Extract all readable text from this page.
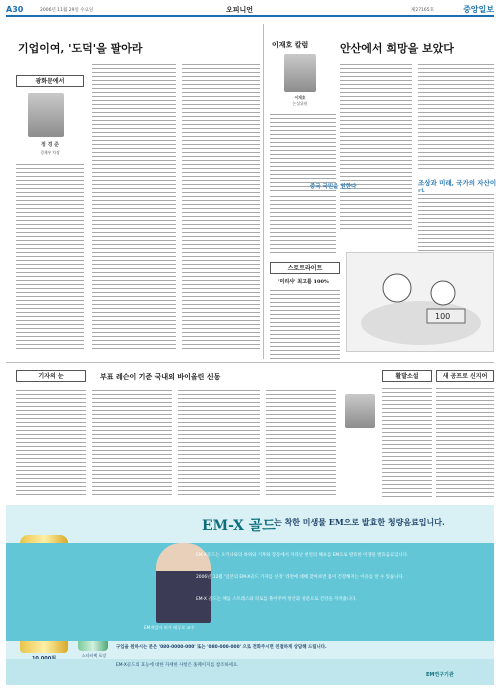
A30	2006년 11월 29일 수요일	오피니언	제27165호	중앙일보
기업이여, '도덕'을 팔아라
광화문에서
정 경 준
경제부 차장
이재호 칼럼
이재호
논설위원
안산에서 희망을 보았다
조상과 미래, 국가의 자산이
중국 국민을 원한다
스토트라이트
'미리샤' 최고를 100%
100
기자의 눈	부표 레슨이 기준 국내외 바이올린 신동	활발소설	새 공프로 신지어
스타터팩 포장
EM-X 골드
는 착한 미생물 EM으로 발효한 청량음료입니다.
EM개발자 히가 테루오 교수
EM-X골드는 오키나와의 바위와 기후와 장동에서 자라난 천연의 해초를 EM으로 발효한 미생물 발효음료입니다.
2006년 12월 '일본의 EM-X골드 기자를 선정' 라면에 대해 찾아보면 몸이 건강해지는 이유를 알 수 있습니다.
EM-X 골드는 체를 스트레스와 피로를 풀어주며 항산화 성분으로 건강을 지켜줍니다.
구입을 원하시는 분은 '080-0000-000' 또는 '080-000-000' 으로 전화주시면 친절하게 상담해 드립니다.
EM-X골드의 효능에 대한 자세한 사항은 홈페이지를 참조하세요.
EM연구기관
